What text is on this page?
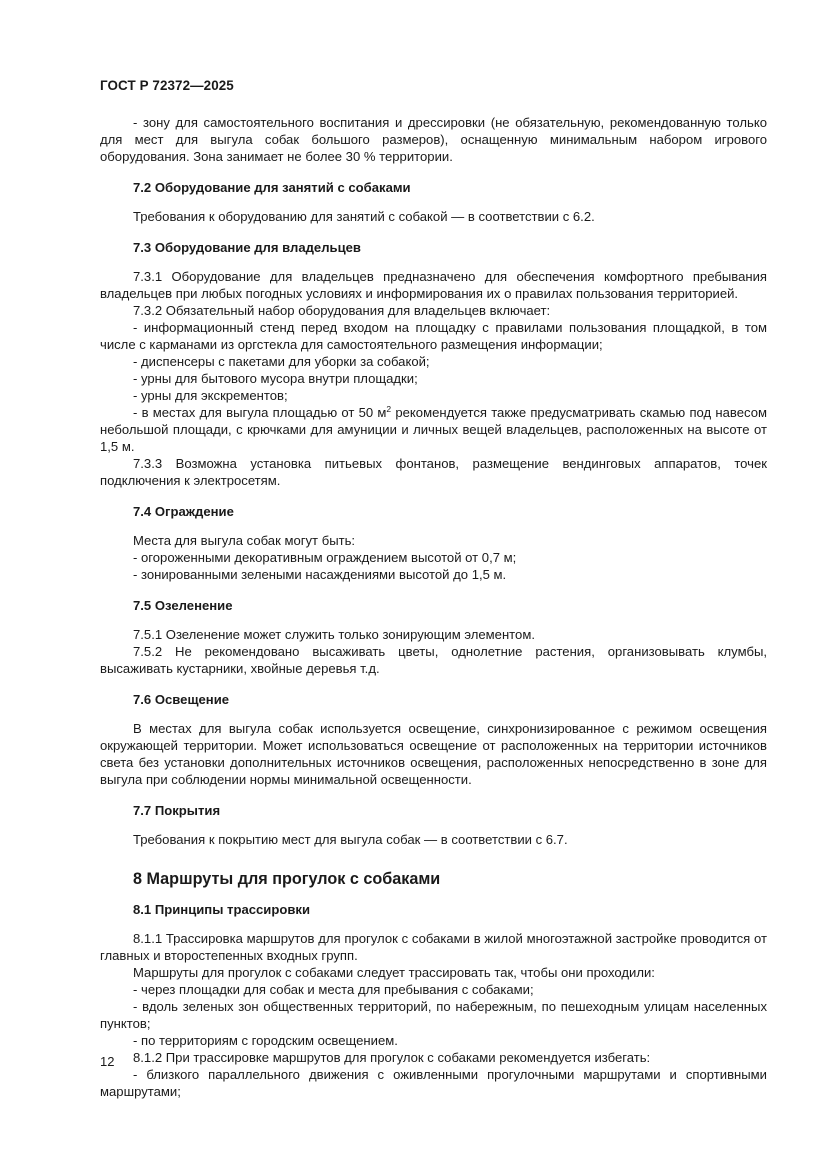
ГОСТ Р 72372—2025

- зону для самостоятельного воспитания и дрессировки (не обязательную, рекомендованную только для мест для выгула собак большого размеров), оснащенную минимальным набором игрового оборудования. Зона занимает не более 30 % территории.

7.2 Оборудование для занятий с собаками

Требования к оборудованию для занятий с собакой — в соответствии с 6.2.

7.3 Оборудование для владельцев

7.3.1 Оборудование для владельцев предназначено для обеспечения комфортного пребывания владельцев при любых погодных условиях и информирования их о правилах пользования территорией.

7.3.2 Обязательный набор оборудования для владельцев включает:

- информационный стенд перед входом на площадку с правилами пользования площадкой, в том числе с карманами из оргстекла для самостоятельного размещения информации;

- диспенсеры с пакетами для уборки за собакой;

- урны для бытового мусора внутри площадки;

- урны для экскрементов;

- в местах для выгула площадью от 50 $м^2$ рекомендуется также предусматривать скамью под навесом небольшой площади, с крючками для амуниции и личных вещей владельцев, расположенных на высоте от 1,5 м.

7.3.3 Возможна установка питьевых фонтанов, размещение вендинговых аппаратов, точек подключения к электросетям.

7.4 Ограждение

Места для выгула собак могут быть:

- огороженными декоративным ограждением высотой от 0,7 м;

- зонированными зелеными насаждениями высотой до 1,5 м.

7.5 Озеленение

7.5.1 Озеленение может служить только зонирующим элементом.

7.5.2 Не рекомендовано высаживать цветы, однолетние растения, организовывать клумбы, высаживать кустарники, хвойные деревья т.д.

7.6 Освещение

В местах для выгула собак используется освещение, синхронизированное с режимом освещения окружающей территории. Может использоваться освещение от расположенных на территории источников света без установки дополнительных источников освещения, расположенных непосредственно в зоне для выгула при соблюдении нормы минимальной освещенности.

7.7 Покрытия

Требования к покрытию мест для выгула собак — в соответствии с 6.7.

8 Маршруты для прогулок с собаками
8.1 Принципы трассировки

8.1.1 Трассировка маршрутов для прогулок с собаками в жилой многоэтажной застройке проводится от главных и второстепенных входных групп.

Маршруты для прогулок с собаками следует трассировать так, чтобы они проходили:

- через площадки для собак и места для пребывания с собаками;

- вдоль зеленых зон общественных территорий, по набережным, по пешеходным улицам населенных пунктов;

- по территориям с городским освещением.

8.1.2 При трассировке маршрутов для прогулок с собаками рекомендуется избегать:

- близкого параллельного движения с оживленными прогулочными маршрутами и спортивными маршрутами;

12
